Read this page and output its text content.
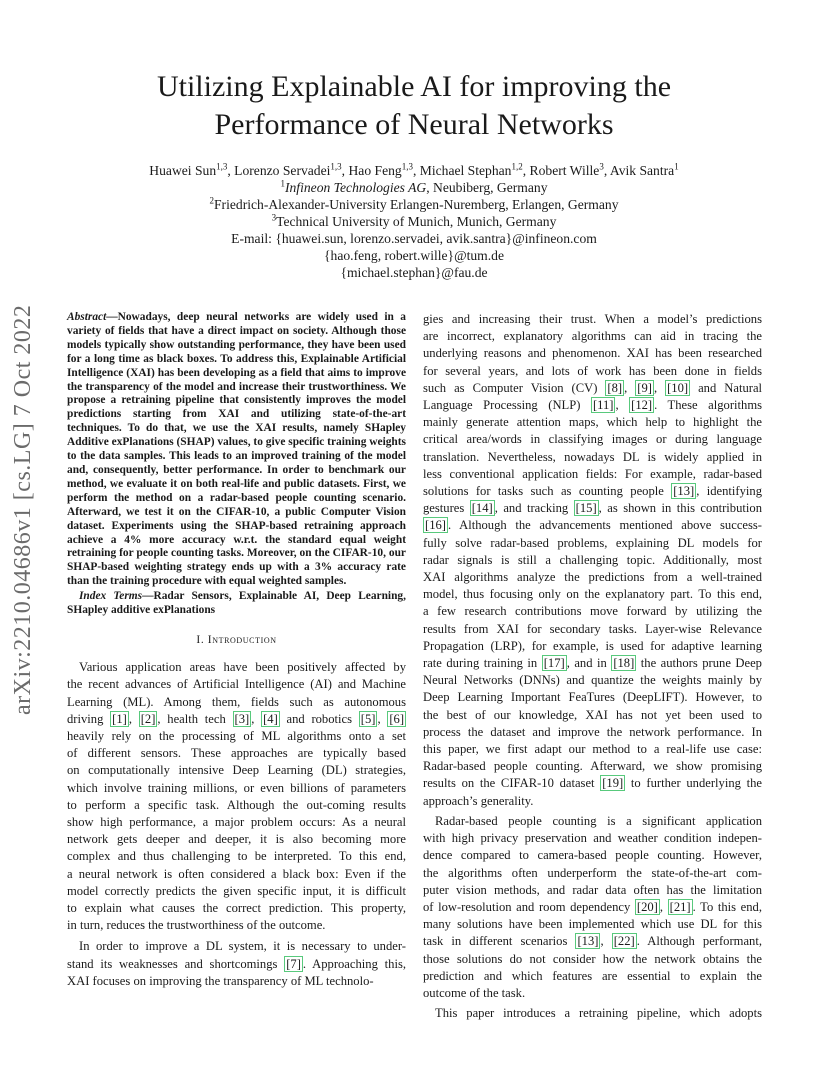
arXiv:2210.04686v1 [cs.LG] 7 Oct 2022
Utilizing Explainable AI for improving the
Performance of Neural Networks
Huawei Sun$^{1,3}$, Lorenzo Servadei$^{1,3}$, Hao Feng$^{1,3}$, Michael Stephan$^{1,2}$, Robert Wille$^3$, Avik Santra$^1$
$^1$Infineon Technologies AG, Neubiberg, Germany
$^2$Friedrich-Alexander-University Erlangen-Nuremberg, Erlangen, Germany
$^3$Technical University of Munich, Munich, Germany
E-mail: {huawei.sun, lorenzo.servadei, avik.santra}@infineon.com
{hao.feng, robert.wille}@tum.de
{michael.stephan}@fau.de

Abstract—Nowadays, deep neural networks are widely used in a variety of fields that have a direct impact on society. Although those models typically show outstanding performance, they have been used for a long time as black boxes. To address this, Explainable Artificial Intelligence (XAI) has been developing as a field that aims to improve the transparency of the model and increase their trustworthiness. We propose a retraining pipeline that consistently improves the model predictions starting from XAI and utilizing state-of-the-art techniques. To do that, we use the XAI results, namely SHapley Additive exPlanations (SHAP) values, to give specific training weights to the data samples. This leads to an improved training of the model and, consequently, better performance. In order to benchmark our method, we evaluate it on both real-life and public datasets. First, we perform the method on a radar-based people counting scenario. Afterward, we test it on the CIFAR-10, a public Computer Vision dataset. Experiments using the SHAP-based retraining approach achieve a 4% more accuracy w.r.t. the standard equal weight retraining for people counting tasks. Moreover, on the CIFAR-10, our SHAP-based weighting strategy ends up with a 3% accuracy rate than the training procedure with equal weighted samples.

Index Terms—Radar Sensors, Explainable AI, Deep Learning, SHapley additive exPlanations

I. Introduction
Various application areas have been positively affected by
the recent advances of Artificial Intelligence (AI) and Machine
Learning (ML). Among them, fields such as autonomous
driving [1] , [2] , health tech [3] , [4] and robotics [5] , [6]
heavily rely on the processing of ML algorithms onto a set
of different sensors. These approaches are typically based
on computationally intensive Deep Learning (DL) strategies,
which involve training millions, or even billions of parameters
to perform a specific task. Although the out-coming results
show high performance, a major problem occurs: As a neural
network gets deeper and deeper, it is also becoming more
complex and thus challenging to be interpreted. To this end,
a neural network is often considered a black box: Even if the
model correctly predicts the given specific input, it is difficult
to explain what causes the correct prediction. This property,
in turn, reduces the trustworthiness of the outcome.
In order to improve a DL system, it is necessary to under-
stand its weaknesses and shortcomings [7] . Approaching this,
XAI focuses on improving the transparency of ML technolo-
gies and increasing their trust. When a model’s predictions
are incorrect, explanatory algorithms can aid in tracing the
underlying reasons and phenomenon. XAI has been researched
for several years, and lots of work has been done in fields
such as Computer Vision (CV) [8] , [9] , [10] and Natural
Language Processing (NLP) [11] , [12] . These algorithms
mainly generate attention maps, which help to highlight the
critical area/words in classifying images or during language
translation. Nevertheless, nowadays DL is widely applied in
less conventional application fields: For example, radar-based
solutions for tasks such as counting people [13] , identifying
gestures [14] , and tracking [15] , as shown in this contribution
[16] . Although the advancements mentioned above success-
fully solve radar-based problems, explaining DL models for
radar signals is still a challenging topic. Additionally, most
XAI algorithms analyze the predictions from a well-trained
model, thus focusing only on the explanatory part. To this end,
a few research contributions move forward by utilizing the
results from XAI for secondary tasks. Layer-wise Relevance
Propagation (LRP), for example, is used for adaptive learning
rate during training in [17] , and in [18] the authors prune Deep
Neural Networks (DNNs) and quantize the weights mainly by
Deep Learning Important FeaTures (DeepLIFT). However, to
the best of our knowledge, XAI has not yet been used to
process the dataset and improve the network performance. In
this paper, we first adapt our method to a real-life use case:
Radar-based people counting. Afterward, we show promising
results on the CIFAR-10 dataset [19] to further underlying the
approach’s generality.
Radar-based people counting is a significant application
with high privacy preservation and weather condition indepen-
dence compared to camera-based people counting. However,
the algorithms often underperform the state-of-the-art com-
puter vision methods, and radar data often has the limitation
of low-resolution and room dependency [20] , [21] . To this end,
many solutions have been implemented which use DL for this
task in different scenarios [13] , [22] . Although performant,
those solutions do not consider how the network obtains the
prediction and which features are essential to explain the
outcome of the task.
This paper introduces a retraining pipeline, which adopts
